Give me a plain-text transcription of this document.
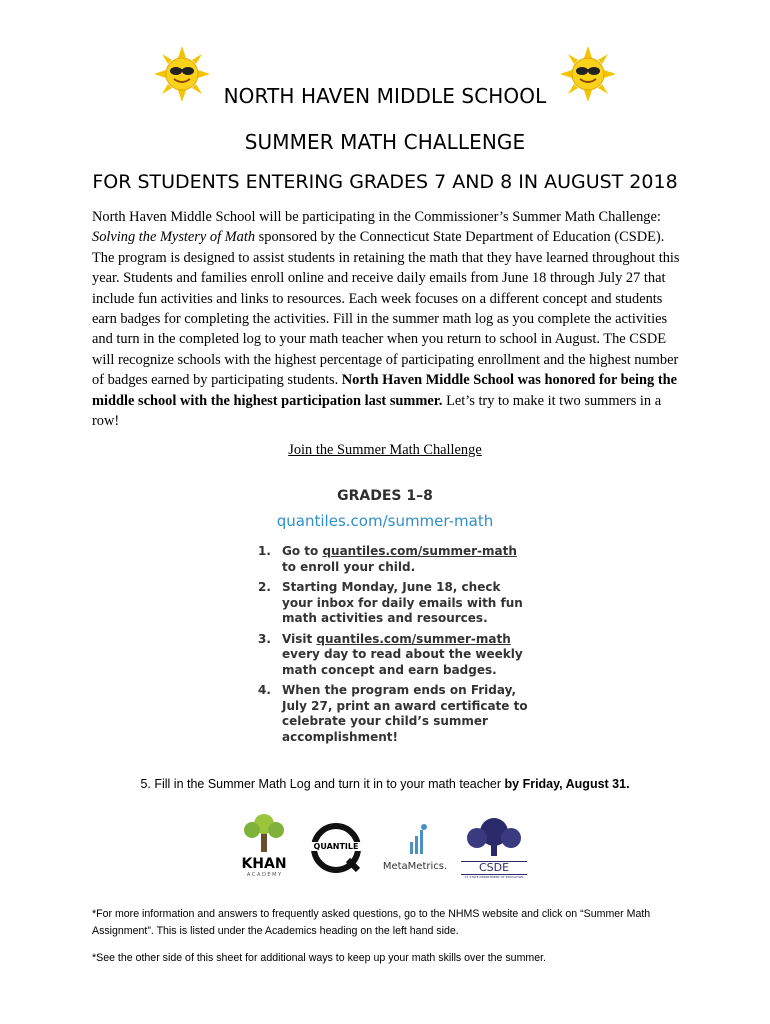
NORTH HAVEN MIDDLE SCHOOL
SUMMER MATH CHALLENGE
FOR STUDENTS ENTERING GRADES 7 AND 8 IN AUGUST 2018
North Haven Middle School will be participating in the Commissioner’s Summer Math Challenge: Solving the Mystery of Math sponsored by the Connecticut State Department of Education (CSDE). The program is designed to assist students in retaining the math that they have learned throughout this year. Students and families enroll online and receive daily emails from June 18 through July 27 that include fun activities and links to resources. Each week focuses on a different concept and students earn badges for completing the activities. Fill in the summer math log as you complete the activities and turn in the completed log to your math teacher when you return to school in August. The CSDE will recognize schools with the highest percentage of participating enrollment and the highest number of badges earned by participating students. North Haven Middle School was honored for being the middle school with the highest participation last summer. Let’s try to make it two summers in a row!
Join the Summer Math Challenge
GRADES 1–8
quantiles.com/summer-math
1. Go to quantiles.com/summer-math to enroll your child.
2. Starting Monday, June 18, check your inbox for daily emails with fun math activities and resources.
3. Visit quantiles.com/summer-math every day to read about the weekly math concept and earn badges.
4. When the program ends on Friday, July 27, print an award certificate to celebrate your child’s summer accomplishment!
5. Fill in the Summer Math Log and turn it in to your math teacher by Friday, August 31.
KHAN
A C A D E M Y
QUANTILE
MetaMetrics.	CSDE
CT STATE DEPARTMENT OF EDUCATION
*For more information and answers to frequently asked questions, go to the NHMS website and click on “Summer Math Assignment”. This is listed under the Academics heading on the left hand side.
*See the other side of this sheet for additional ways to keep up your math skills over the summer.
